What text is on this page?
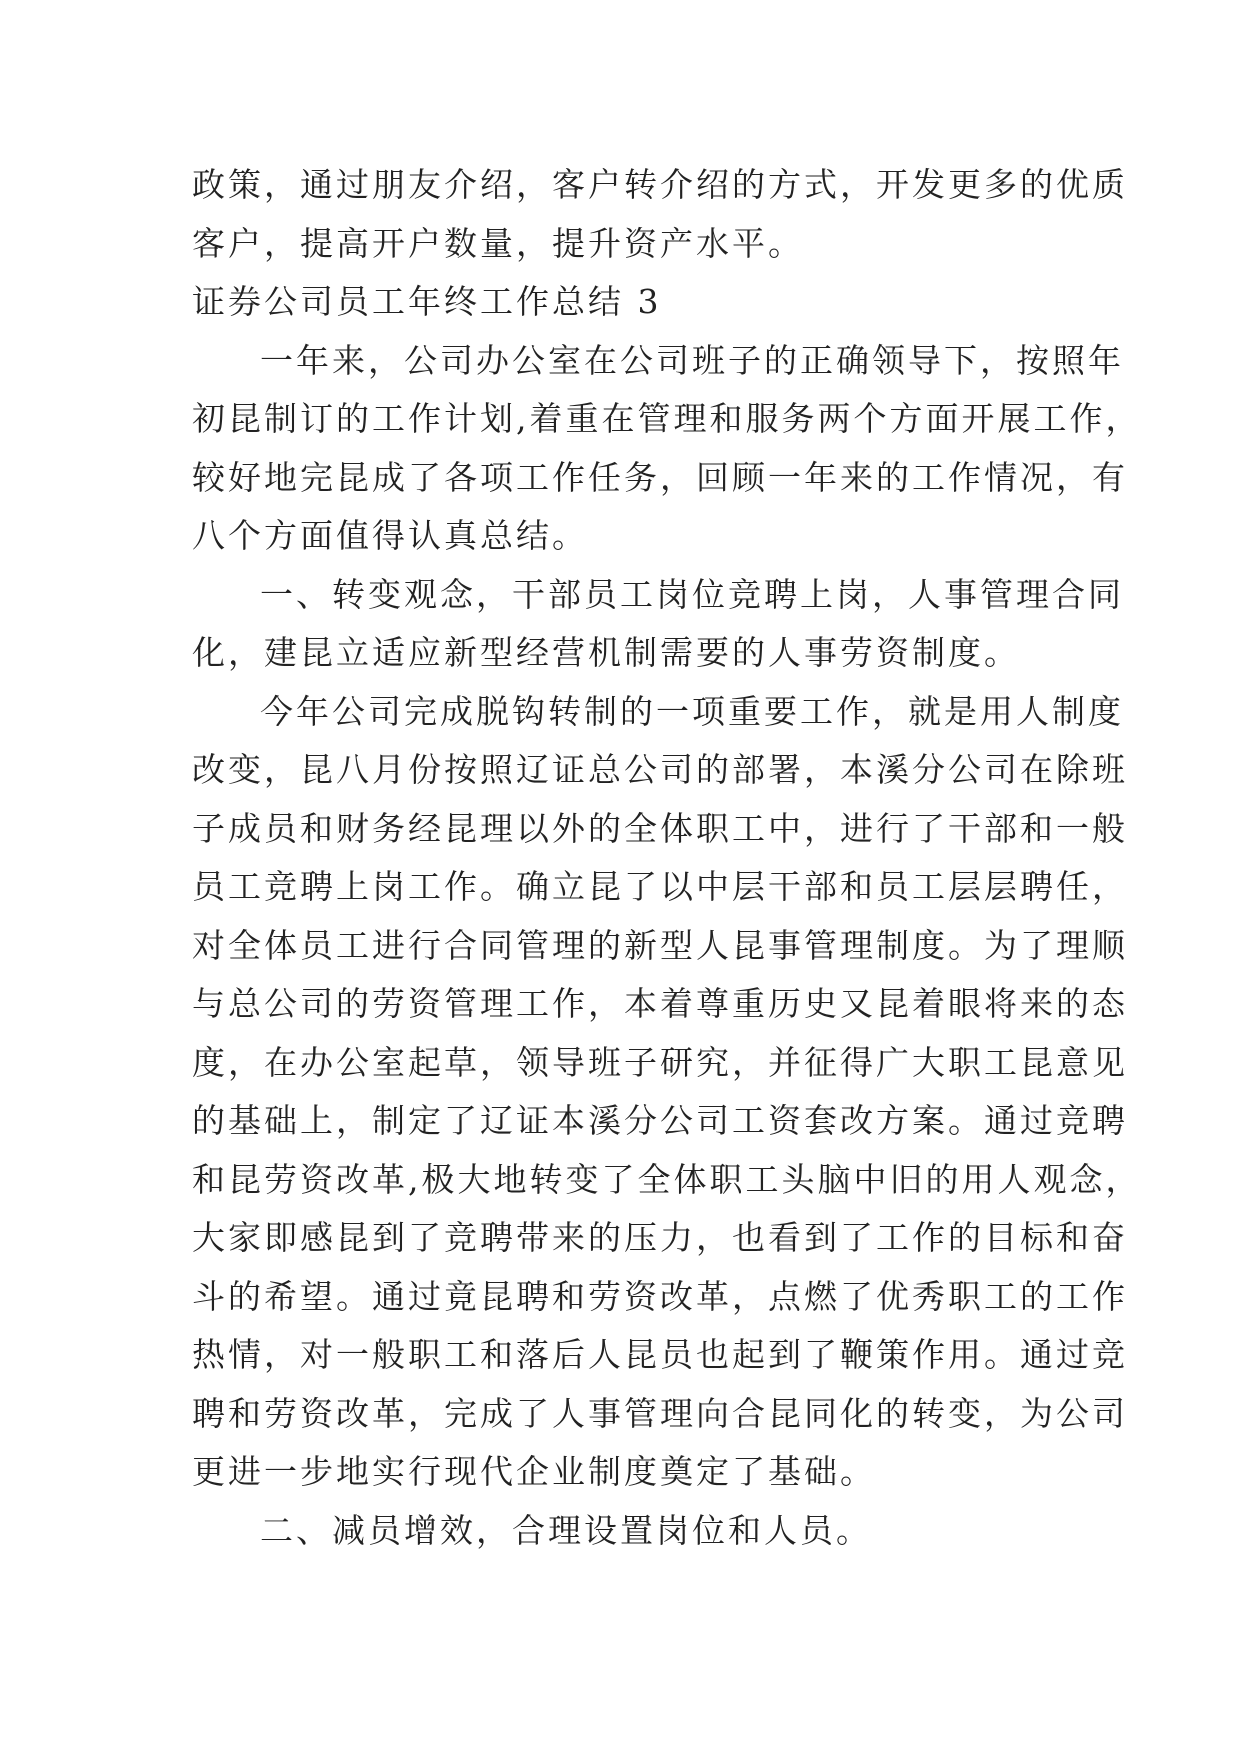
政策，通过朋友介绍，客户转介绍的方式，开发更多的优质
客户，提高开户数量，提升资产水平。
证券公司员工年终工作总结 3
一年来，公司办公室在公司班子的正确领导下，按照年
初昆制订的工作计划,着重在管理和服务两个方面开展工作，
较好地完昆成了各项工作任务，回顾一年来的工作情况，有
八个方面值得认真总结。
一、转变观念，干部员工岗位竞聘上岗，人事管理合同
化，建昆立适应新型经营机制需要的人事劳资制度。
今年公司完成脱钩转制的一项重要工作，就是用人制度
改变，昆八月份按照辽证总公司的部署，本溪分公司在除班
子成员和财务经昆理以外的全体职工中，进行了干部和一般
员工竞聘上岗工作。确立昆了以中层干部和员工层层聘任，
对全体员工进行合同管理的新型人昆事管理制度。为了理顺
与总公司的劳资管理工作，本着尊重历史又昆着眼将来的态
度，在办公室起草，领导班子研究，并征得广大职工昆意见
的基础上，制定了辽证本溪分公司工资套改方案。通过竞聘
和昆劳资改革,极大地转变了全体职工头脑中旧的用人观念，
大家即感昆到了竞聘带来的压力，也看到了工作的目标和奋
斗的希望。通过竟昆聘和劳资改革，点燃了优秀职工的工作
热情，对一般职工和落后人昆员也起到了鞭策作用。通过竞
聘和劳资改革，完成了人事管理向合昆同化的转变，为公司
更进一步地实行现代企业制度奠定了基础。
二、减员增效，合理设置岗位和人员。
